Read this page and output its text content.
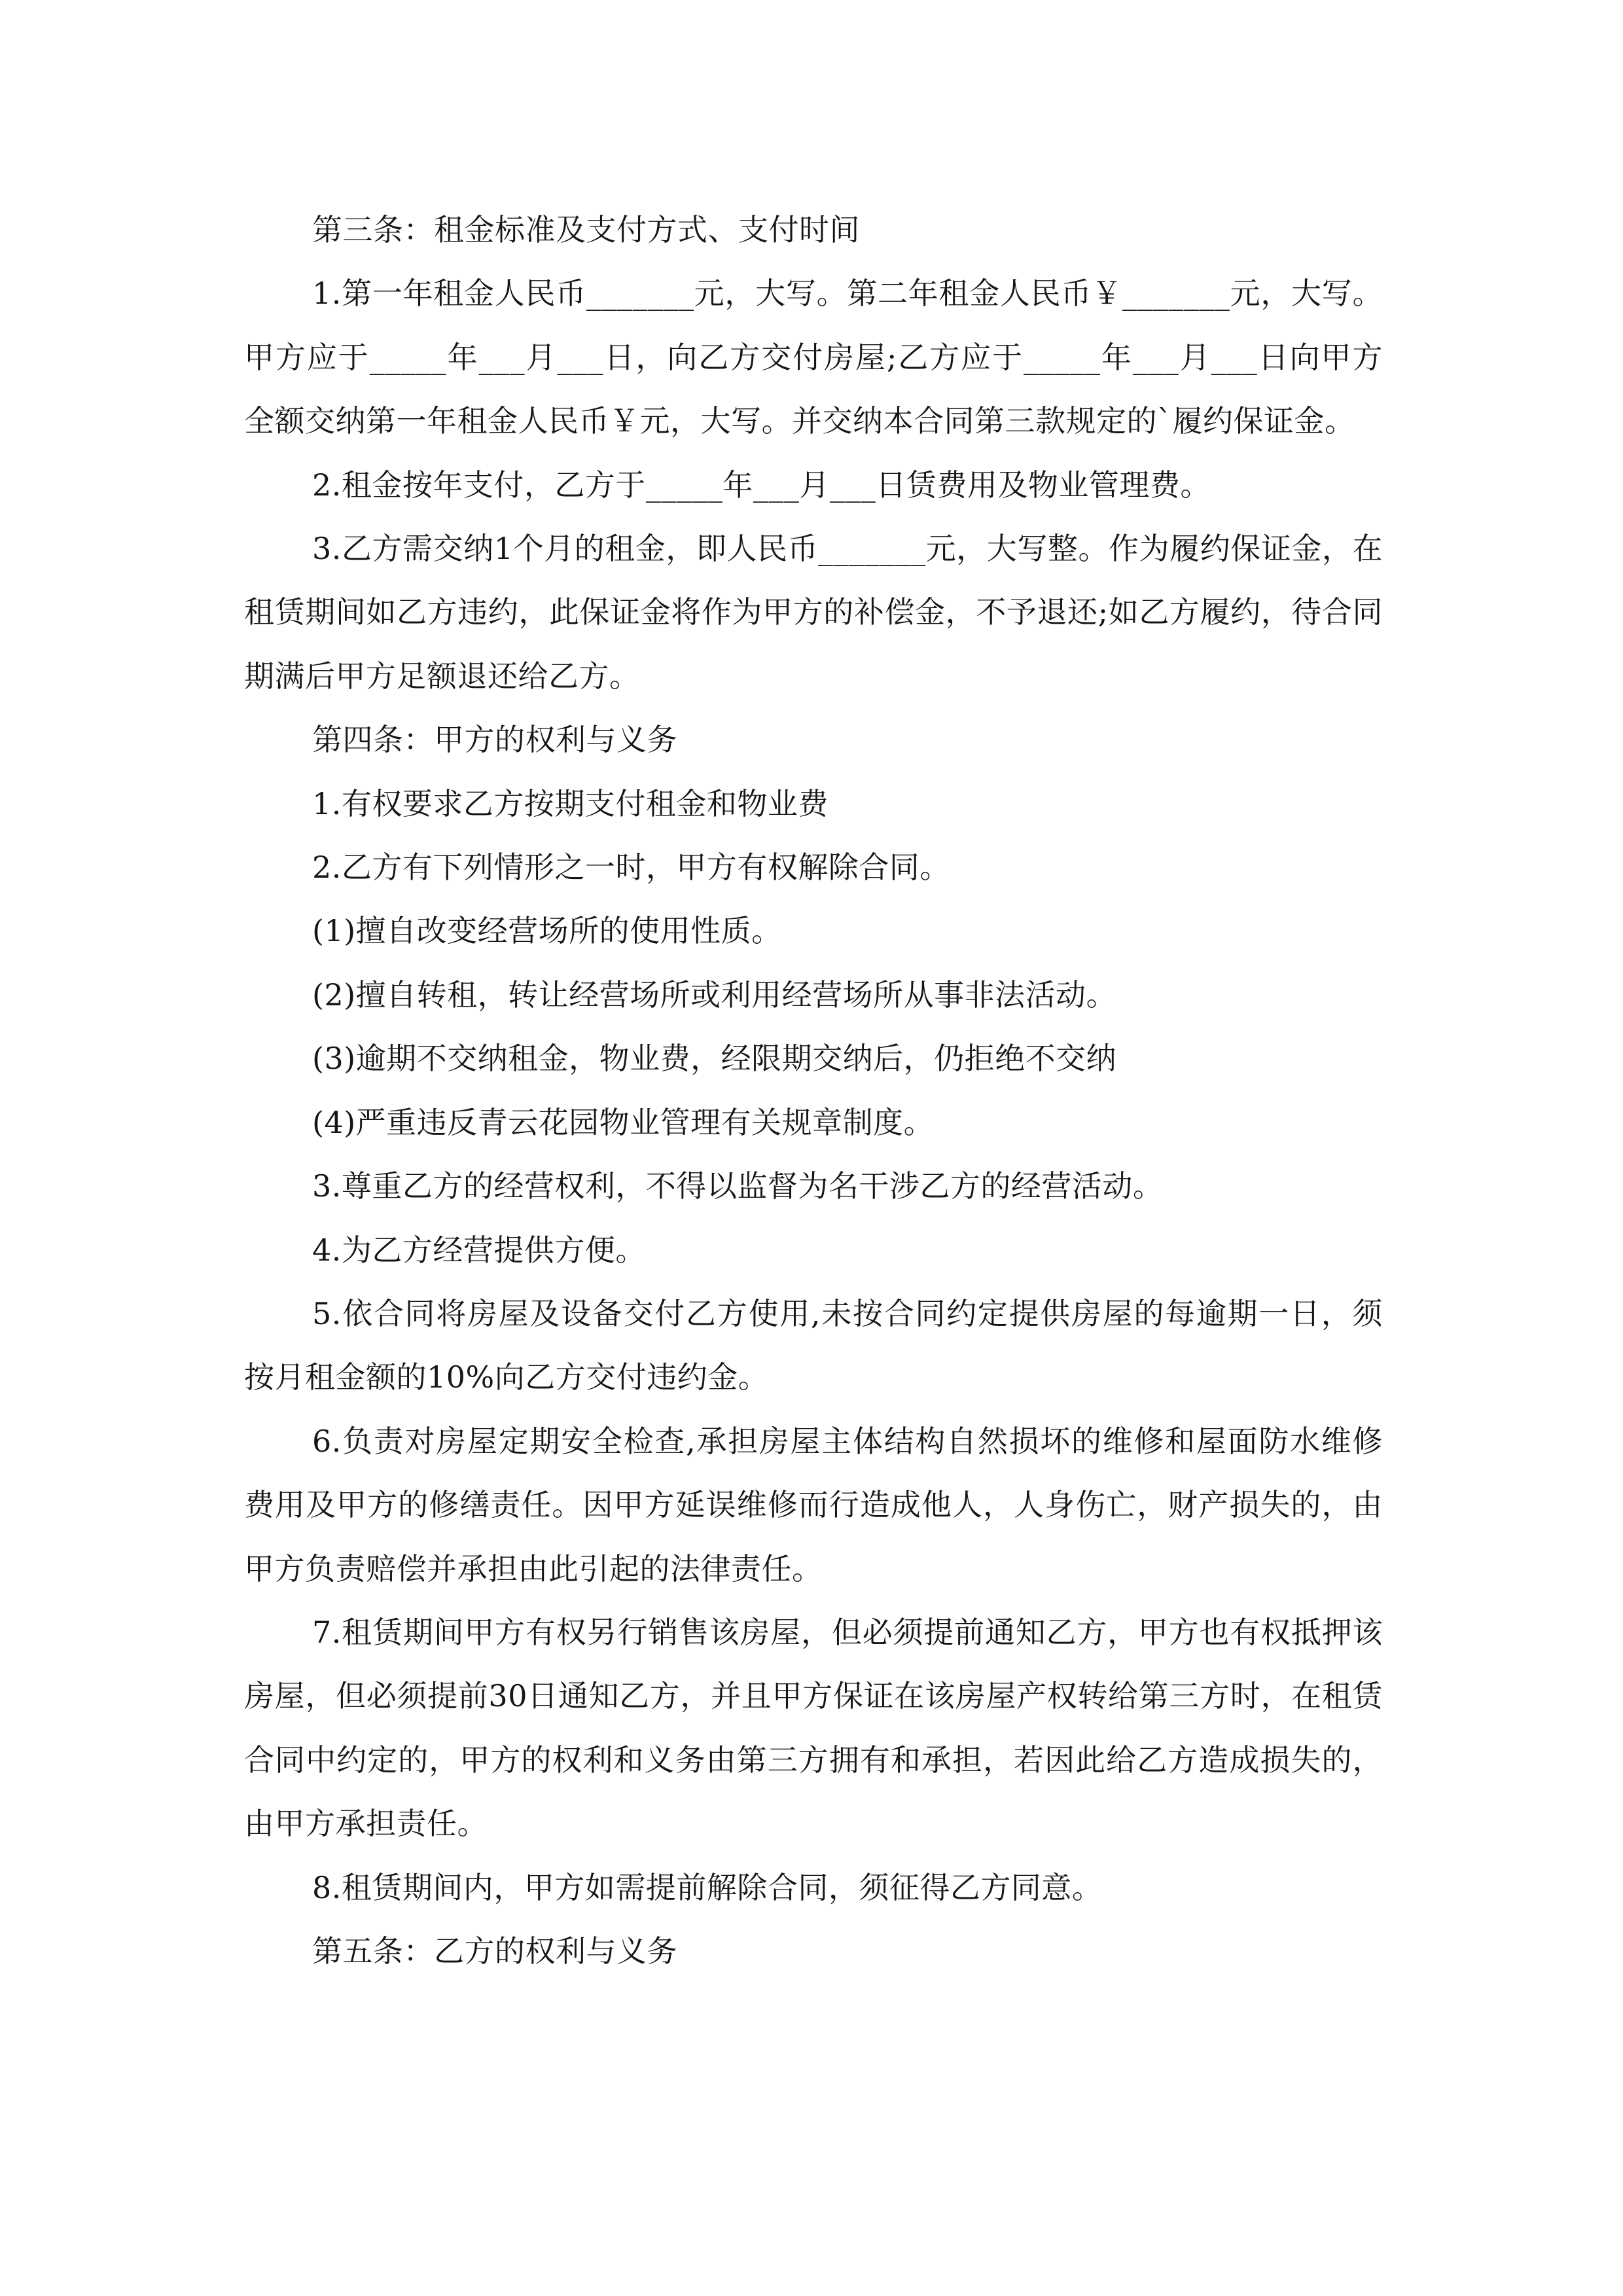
第三条：租金标准及支付方式、支付时间

1.第一年租金人民币_______元，大写。第二年租金人民币￥_______元，大写。甲方应于_____年___月___日，向乙方交付房屋;乙方应于_____年___月___日向甲方全额交纳第一年租金人民币￥元，大写。并交纳本合同第三款规定的`履约保证金。

2.租金按年支付，乙方于_____年___月___日赁费用及物业管理费。

3.乙方需交纳1个月的租金，即人民币_______元，大写整。作为履约保证金，在租赁期间如乙方违约，此保证金将作为甲方的补偿金，不予退还;如乙方履约，待合同期满后甲方足额退还给乙方。

第四条：甲方的权利与义务

1.有权要求乙方按期支付租金和物业费

2.乙方有下列情形之一时，甲方有权解除合同。

(1)擅自改变经营场所的使用性质。

(2)擅自转租，转让经营场所或利用经营场所从事非法活动。

(3)逾期不交纳租金，物业费，经限期交纳后，仍拒绝不交纳

(4)严重违反青云花园物业管理有关规章制度。

3.尊重乙方的经营权利，不得以监督为名干涉乙方的经营活动。

4.为乙方经营提供方便。

5.依合同将房屋及设备交付乙方使用,未按合同约定提供房屋的每逾期一日，须按月租金额的10%向乙方交付违约金。

6.负责对房屋定期安全检查,承担房屋主体结构自然损坏的维修和屋面防水维修费用及甲方的修缮责任。因甲方延误维修而行造成他人，人身伤亡，财产损失的，由甲方负责赔偿并承担由此引起的法律责任。

7.租赁期间甲方有权另行销售该房屋，但必须提前通知乙方，甲方也有权抵押该房屋，但必须提前30日通知乙方，并且甲方保证在该房屋产权转给第三方时，在租赁合同中约定的，甲方的权利和义务由第三方拥有和承担，若因此给乙方造成损失的，由甲方承担责任。

8.租赁期间内，甲方如需提前解除合同，须征得乙方同意。

第五条：乙方的权利与义务
